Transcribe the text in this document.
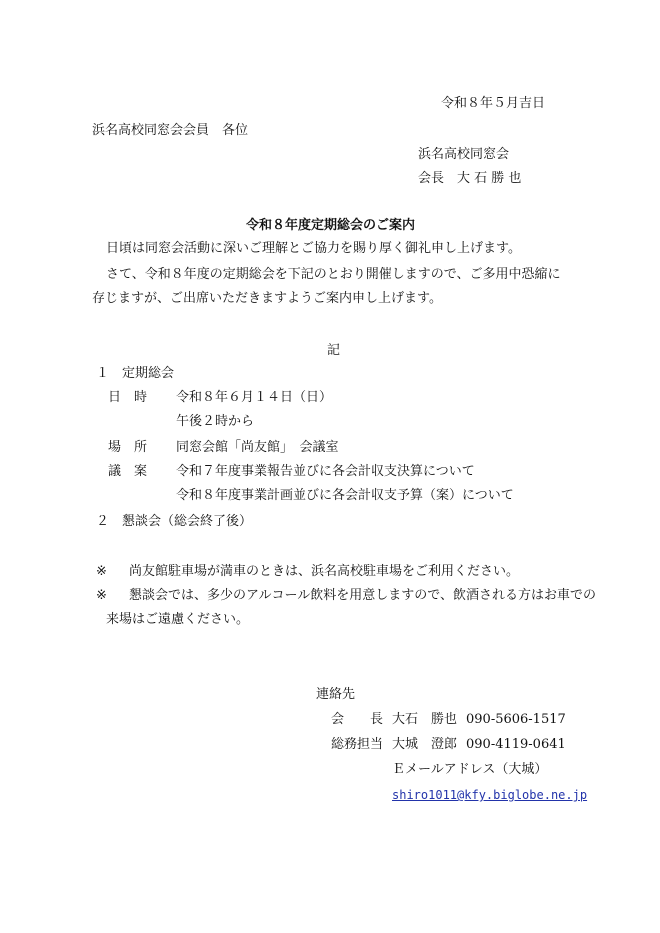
令和８年５月吉日
浜名高校同窓会会員　各位
浜名高校同窓会
会長　大 石 勝 也
令和８年度定期総会のご案内
日頃は同窓会活動に深いご理解とご協力を賜り厚く御礼申し上げます。
さて、令和８年度の定期総会を下記のとおり開催しますので、ご多用中恐縮に
存じますが、ご出席いただきますようご案内申し上げます。
記
１　定期総会
日　時 令和８年６月１４日（日）
午後２時から
場　所 同窓会館「尚友館」　会議室
議　案 令和７年度事業報告並びに各会計収支決算について
令和８年度事業計画並びに各会計収支予算（案）について
２　懇談会（総会終了後）
※ 尚友館駐車場が満車のときは、浜名高校駐車場をご利用ください。
※ 懇談会では、多少のアルコール飲料を用意しますので、飲酒される方はお車での
来場はご遠慮ください。
連絡先
会　　長 大石　勝也 090-5606-1517
総務担当 大城　澄郎 090-4119-0641
Ｅメールアドレス（大城）
shiro1011@kfy.biglobe.ne.jp
